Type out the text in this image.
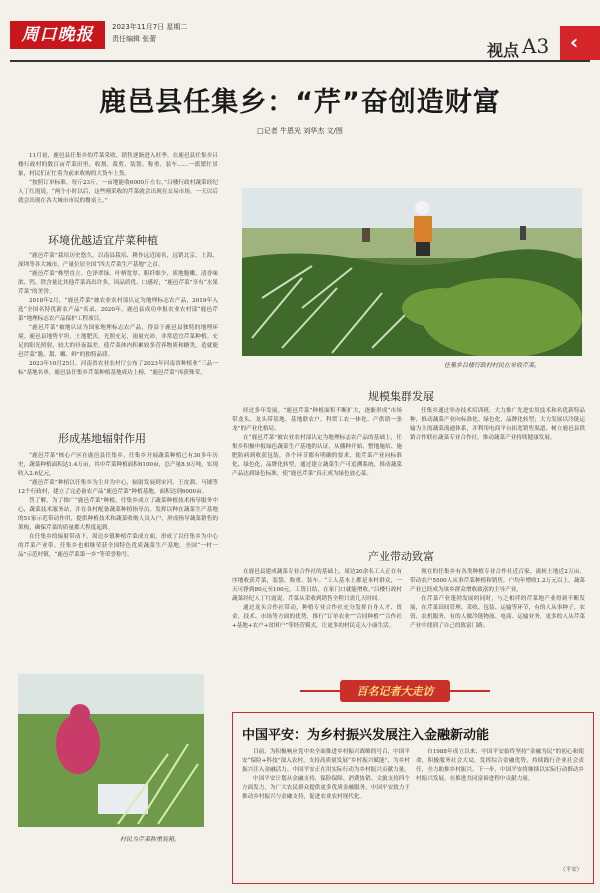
周口晚报	2023年11月7日 星期二
责任编辑 张蕾
视点 A3 ‹
鹿邑县任集乡：“芹”奋创造财富
□记者 牛恩光 刘华杰 文/图

11月初，鹿邑县任集乡的芹菜采收、销售逐渐进入旺季。在鹿邑县任集乡吕楼行政村的数百亩芹菜田里，收割、裁剪、装袋、称重、装车……一派繁忙景象，村民们正忙着为前来收购的大货车上货。

“按照订单标准，每斤23斤，一亩地能收6000斤左右，”吕楼行政村蔬菜经纪人丁红霞说，“两个小时以后，这些刚采收的芹菜就会出现在交易市场，一天以后就会出现在各大城市市民的餐桌上。”

环境优越适宜芹菜种植

“鹿邑芹菜”栽培历史悠久，以南县栽培、耕作远近闻名，远销北京、上海、深圳等各大城市，产量位居全国“四大芹菜生产基地”之首。

“鹿邑芹菜”株型直立、色泽翠绿、叶柄宽厚、粗纤维少，质地脆嫩、清香味浓、钙、铁含量比其他芹菜高出许多，因品质优、口感好，“鹿邑芹菜”享有“水果芹菜”的美誉。

2018年2月，“鹿邑芹菜”被农业农村部认定为地理标志农产品，2019年入选“全国名特优新农产品”名录，2020年，鹿邑县成功申报农业农村部“鹿邑芹菜”地理标志农产品保护工程项目。

“鹿邑芹菜”被地认证为国家地理标志农产品，得益于鹿邑县独特的地理环境。鹿邑县地势平坦，土地肥沃，光照充足，雨量充沛，非常适宜芹菜种植。充足的阳光照射，较大的昼夜温差，使芹菜体内积累较多营养物质和糖类，造就鹿邑芹菜“脆、甜、嫩、鲜”的独特品质。

2023年10月25日，河南省农业农村厅公布了2023年河南省种植业“三品一标”基地名单，鹿邑县任集乡芹菜种植基地成功上榜，“鹿邑芹菜”再获殊荣。

形成基地辐射作用

“鹿邑芹菜”核心产区在鹿邑县任集乡。任集乡开展蔬菜种植已有30多年历史，蔬菜种植面积达1.4万亩，其中芹菜种植面积6100亩，总产量8.9万吨，实现收入2.6亿元。

“鹿邑芹菜”种植以任集乡为主并为中心，辐射发展到宋河、王皮溜、马铺等12个行政村，建立了完必备农产品“鹿邑芹菜”种植基地，面积达到6000亩。

答了解，为了推广“鹿邑芹菜”种植，任集乡成立了蔬菜种植技术指导服务中心，蔬菜技术服务站，并在各村配备蔬菜种植指导员。发挥以种在蔬菜生产基地的51家示范带动作用，提供种植技术和蔬菜收购人员入户，形成指导蔬菜销售的架构，确保芹菜的质量都大程度起到。

在任集乡的辐射带动下，周边乡镇种植芹菜成方面，形成了以任集乡为中心的芹菜产业带。任集乡也相继荣获全国特色优质蔬菜生产基地，全国“一村一品”示范村镇，“鹿邑芹菜第一乡”等荣誉称号。

任集乡吕楼行政村村民在采收芹菜。
规模集群发展

经过多年发展，“鹿邑芹菜”种植面积不断扩大，逐渐形成“市场带龙头、龙头带基地、基地联农户，科贸工农一体化、产供销一条龙”的产业化格局。

在“鹿邑芹菜”被农业农村部认定为地理标志农产品的基础上，任集乡积极申报绿色蔬菜生产基地的认证，从播种开始、整地施培、施肥防病到收获包装，各个环节都有明确的要求，使芹菜产业向标准化、绿色化、品牌化转型，通过建立蔬菜生产可追溯系统，推动蔬菜产品达到绿色标准，使“鹿邑芹菜”真正成为绿色放心菜。

任集乡通过举办技术培训班，大力推广先进实用技术和名优新特品种，推动蔬菜产业向标准化、绿色化、品牌化转型；大力发展以冷链运输为主的蔬菜流通体系，并利用电商平台拓宽销售渠道，树立鹿邑县供销合作联社蔬菜专业合作社，推动蔬菜产业持续健康发展。

产业带动致富

在鹿邑县建成蔬菜专业合作社的基础上，周边20余名工人正在有序地收获芹菜，装袋、称重、装车。“工人基本上都是本村群众，一天可挣到80元至100元，工资日结，在家门口就能增收。”吕楼行政村蔬菜经纪人丁红霞说，芹菜从采收到销售全程只需几天时间。

通过龙头合作社带动，种植专业合作社充分发挥自身人才、资金、技术、市场等方面的优势，推行“订单农业”“合同种植”“合作社+基地+农户+贫困户”等经营模式，让更多的村民走入小康生活。

现在的任集乡有各类种植专业合作社近百家，流转土地近2万亩，带动农户5500人从事芹菜种植和销售，户均年增收1.2万元以上，蔬菜产业已经成为该乡群众增收致富的主导产业。

在芹菜产业蓬勃发展的同时，与之相伴的芹菜地产业得到不断发展，在芹菜田间管理、采收、包装、运输等环节，有的人从事种子、农资、农机服务，有的人做冷链物流、电商、运输业务，更多的人从芹菜产业中找到了自己的致富门路。

百名记者大走访
村民为芹菜称重装箱。
中国平安：为乡村振兴发展注入金融新动能

目前，为积极响应党中央全面推进乡村振兴战略的号召，中国平安“保险+科技”深入农村，支持高质量发展“乡村振兴赋能”，为乡村振兴注入金融活力。中国平安正在用实际行动为乡村振兴贡献力量。

中国平安计划从金融支持、保险保障、消费协销、文旅支持四个方面发力，为广大农民群众提供更多优质金融服务，中国平安致力于推动乡村振兴与金融支持，促进农业农村现代化。

自1988年成立以来，中国平安始终坚持“金融为民”的初心和使命，积极服务社会大局，发挥综合金融优势，持续践行企业社会责任，全力助推乡村振兴。下一步，中国平安将继续以实际行动推动乡村振兴发展，在推进共同富裕进程中贡献力量。

（平安）
